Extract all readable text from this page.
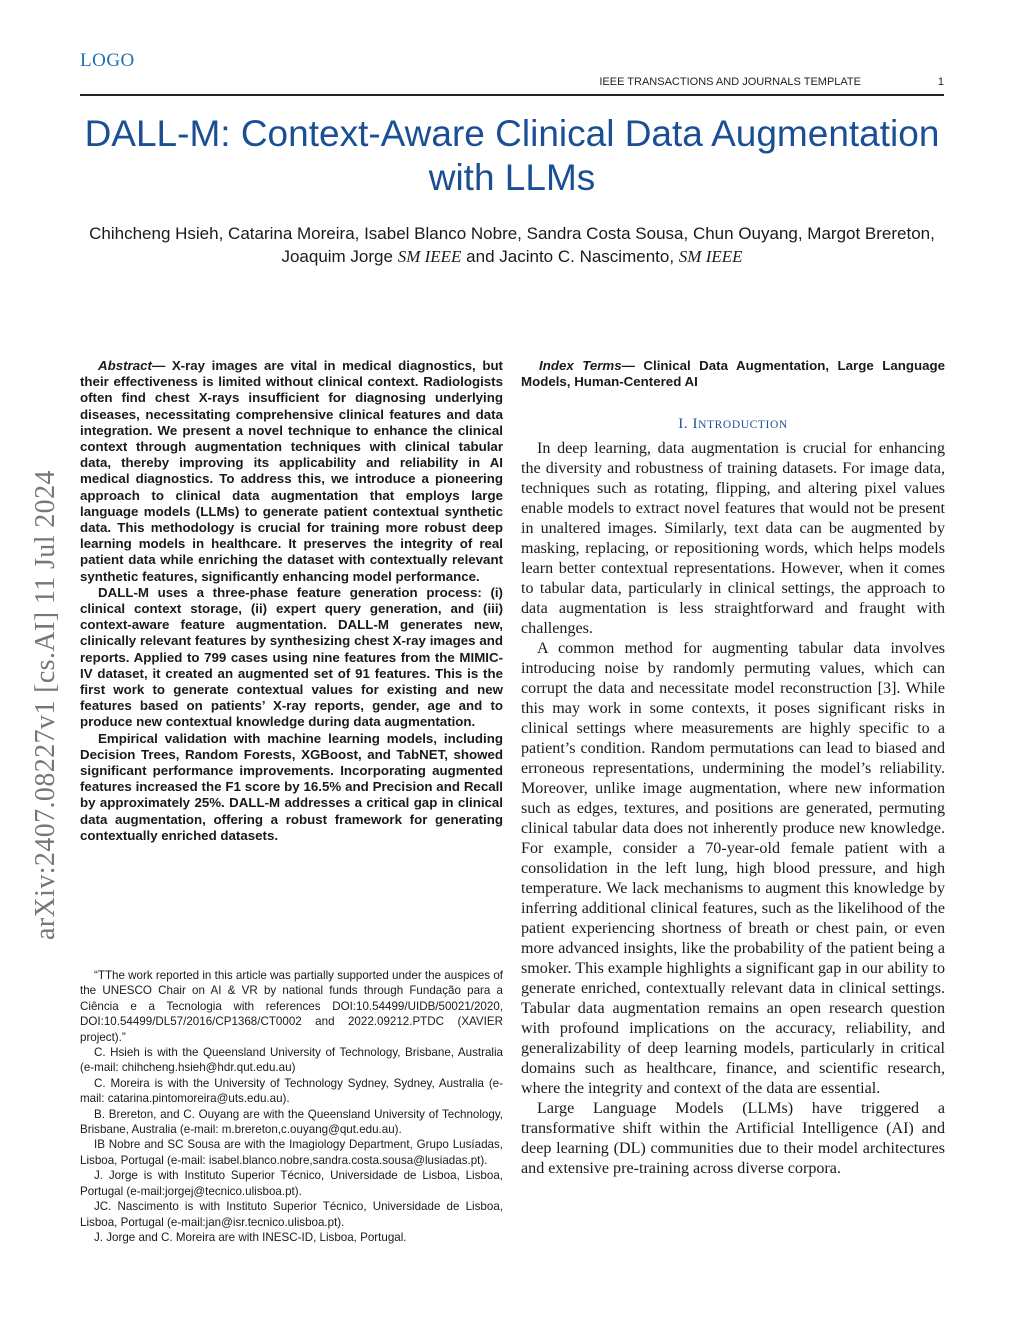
LOGO
IEEE TRANSACTIONS AND JOURNALS TEMPLATE	1
DALL-M: Context-Aware Clinical Data Augmentation with LLMs
Chihcheng Hsieh, Catarina Moreira, Isabel Blanco Nobre, Sandra Costa Sousa, Chun Ouyang, Margot Brereton, Joaquim Jorge SM IEEE and Jacinto C. Nascimento, SM IEEE
arXiv:2407.08227v1 [cs.AI] 11 Jul 2024

Abstract— X-ray images are vital in medical diagnostics, but their effectiveness is limited without clinical context. Radiologists often find chest X-rays insufficient for diagnosing underlying diseases, necessitating comprehensive clinical features and data integration. We present a novel technique to enhance the clinical context through augmentation techniques with clinical tabular data, thereby improving its applicability and reliability in AI medical diagnostics. To address this, we introduce a pioneering approach to clinical data augmentation that employs large language models (LLMs) to generate patient contextual synthetic data. This methodology is crucial for training more robust deep learning models in healthcare. It preserves the integrity of real patient data while enriching the dataset with contextually relevant synthetic features, significantly enhancing model performance.

DALL-M uses a three-phase feature generation process: (i) clinical context storage, (ii) expert query generation, and (iii) context-aware feature augmentation. DALL-M generates new, clinically relevant features by synthesizing chest X-ray images and reports. Applied to 799 cases using nine features from the MIMIC-IV dataset, it created an augmented set of 91 features. This is the first work to generate contextual values for existing and new features based on patients’ X-ray reports, gender, age and to produce new contextual knowledge during data augmentation.

Empirical validation with machine learning models, including Decision Trees, Random Forests, XGBoost, and TabNET, showed significant performance improvements. Incorporating augmented features increased the F1 score by 16.5% and Precision and Recall by approximately 25%. DALL-M addresses a critical gap in clinical data augmentation, offering a robust framework for generating contextually enriched datasets.

“TThe work reported in this article was partially supported under the auspices of the UNESCO Chair on AI & VR by national funds through Fundação para a Ciência e a Tecnologia with references DOI:10.54499/UIDB/50021/2020, DOI:10.54499/DL57/2016/CP1368/CT0002 and 2022.09212.PTDC (XAVIER project).”

C. Hsieh is with the Queensland University of Technology, Brisbane, Australia (e-mail: chihcheng.hsieh@hdr.qut.edu.au)

C. Moreira is with the University of Technology Sydney, Sydney, Australia (e-mail: catarina.pintomoreira@uts.edu.au).

B. Brereton, and C. Ouyang are with the Queensland University of Technology, Brisbane, Australia (e-mail: m.brereton,c.ouyang@qut.edu.au).

IB Nobre and SC Sousa are with the Imagiology Department, Grupo Lusíadas, Lisboa, Portugal (e-mail: isabel.blanco.nobre,sandra.costa.sousa@lusiadas.pt).

J. Jorge is with Instituto Superior Técnico, Universidade de Lisboa, Lisboa, Portugal (e-mail:jorgej@tecnico.ulisboa.pt).

JC. Nascimento is with Instituto Superior Técnico, Universidade de Lisboa, Lisboa, Portugal (e-mail:jan@isr.tecnico.ulisboa.pt).

J. Jorge and C. Moreira are with INESC-ID, Lisboa, Portugal.

Index Terms— Clinical Data Augmentation, Large Language Models, Human-Centered AI

I. INTRODUCTION

In deep learning, data augmentation is crucial for enhancing the diversity and robustness of training datasets. For image data, techniques such as rotating, flipping, and altering pixel values enable models to extract novel features that would not be present in unaltered images. Similarly, text data can be augmented by masking, replacing, or repositioning words, which helps models learn better contextual representations. However, when it comes to tabular data, particularly in clinical settings, the approach to data augmentation is less straightforward and fraught with challenges.

A common method for augmenting tabular data involves introducing noise by randomly permuting values, which can corrupt the data and necessitate model reconstruction [3]. While this may work in some contexts, it poses significant risks in clinical settings where measurements are highly specific to a patient’s condition. Random permutations can lead to biased and erroneous representations, undermining the model’s reliability. Moreover, unlike image augmentation, where new information such as edges, textures, and positions are generated, permuting clinical tabular data does not inherently produce new knowledge. For example, consider a 70-year-old female patient with a consolidation in the left lung, high blood pressure, and high temperature. We lack mechanisms to augment this knowledge by inferring additional clinical features, such as the likelihood of the patient experiencing shortness of breath or chest pain, or even more advanced insights, like the probability of the patient being a smoker. This example highlights a significant gap in our ability to generate enriched, contextually relevant data in clinical settings. Tabular data augmentation remains an open research question with profound implications on the accuracy, reliability, and generalizability of deep learning models, particularly in critical domains such as healthcare, finance, and scientific research, where the integrity and context of the data are essential.

Large Language Models (LLMs) have triggered a transformative shift within the Artificial Intelligence (AI) and deep learning (DL) communities due to their model architectures and extensive pre-training across diverse corpora.
